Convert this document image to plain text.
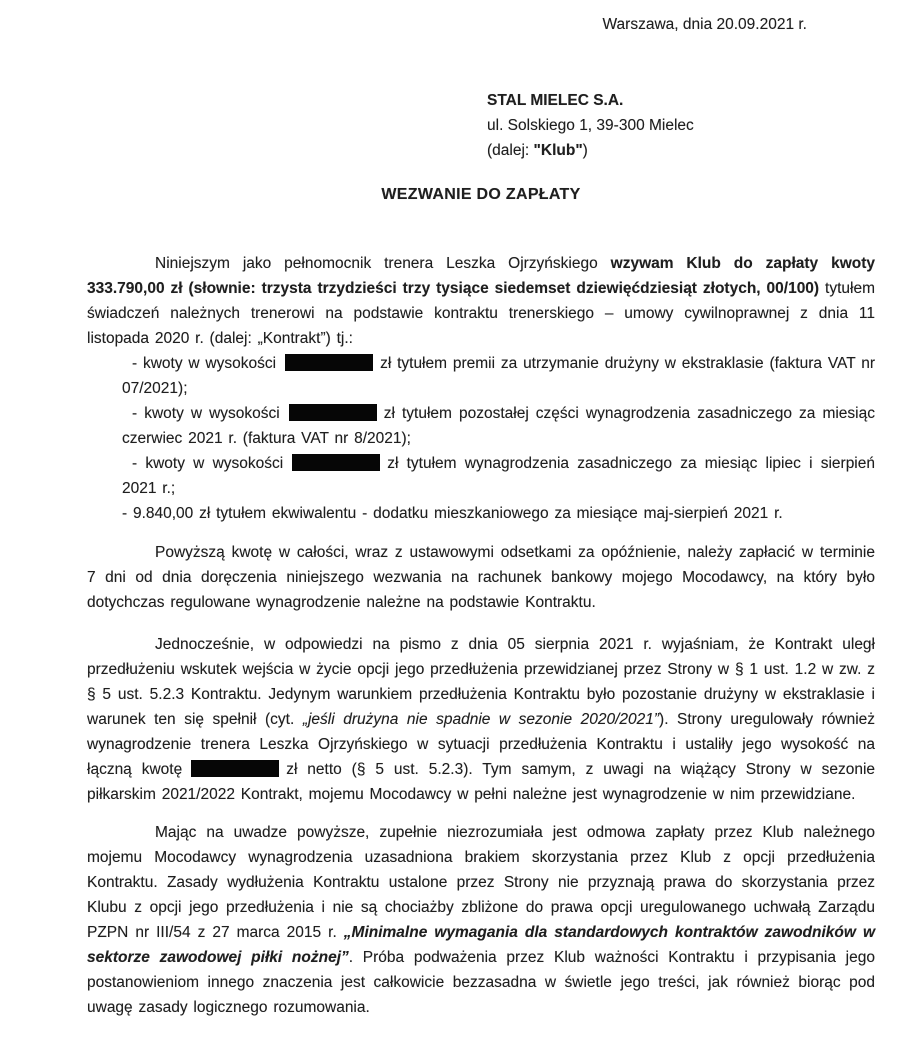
Warszawa, dnia 20.09.2021 r.
STAL MIELEC S.A.
ul. Solskiego 1, 39-300 Mielec
(dalej: "Klub")
WEZWANIE DO ZAPŁATY

Niniejszym jako pełnomocnik trenera Leszka Ojrzyńskiego wzywam Klub do zapłaty kwoty 333.790,00 zł (słownie: trzysta trzydzieści trzy tysiące siedemset dziewięćdziesiąt złotych, 00/100) tytułem świadczeń należnych trenerowi na podstawie kontraktu trenerskiego – umowy cywilnoprawnej z dnia 11 listopada 2020 r. (dalej: „Kontrakt”) tj.:

- kwoty w wysokości	zł tytułem premii za utrzymanie drużyny w ekstraklasie (faktura VAT nr 07/2021);

- kwoty w wysokości	zł tytułem pozostałej części wynagrodzenia zasadniczego za miesiąc czerwiec 2021 r. (faktura VAT nr 8/2021);

- kwoty w wysokości	zł tytułem wynagrodzenia zasadniczego za miesiąc lipiec i sierpień 2021 r.;

- 9.840,00 zł tytułem ekwiwalentu - dodatku mieszkaniowego za miesiące maj-sierpień 2021 r.

Powyższą kwotę w całości, wraz z ustawowymi odsetkami za opóźnienie, należy zapłacić w terminie 7 dni od dnia doręczenia niniejszego wezwania na rachunek bankowy mojego Mocodawcy, na który było dotychczas regulowane wynagrodzenie należne na podstawie Kontraktu.

Jednocześnie, w odpowiedzi na pismo z dnia 05 sierpnia 2021 r. wyjaśniam, że Kontrakt uległ przedłużeniu wskutek wejścia w życie opcji jego przedłużenia przewidzianej przez Strony w § 1 ust. 1.2 w zw. z § 5 ust. 5.2.3 Kontraktu. Jedynym warunkiem przedłużenia Kontraktu było pozostanie drużyny w ekstraklasie i warunek ten się spełnił (cyt. „jeśli drużyna nie spadnie w sezonie 2020/2021”). Strony uregulowały również wynagrodzenie trenera Leszka Ojrzyńskiego w sytuacji przedłużenia Kontraktu i ustaliły jego wysokość na łączną kwotę	zł netto (§ 5 ust. 5.2.3). Tym samym, z uwagi na wiążący Strony w sezonie piłkarskim 2021/2022 Kontrakt, mojemu Mocodawcy w pełni należne jest wynagrodzenie w nim przewidziane.

Mając na uwadze powyższe, zupełnie niezrozumiała jest odmowa zapłaty przez Klub należnego mojemu Mocodawcy wynagrodzenia uzasadniona brakiem skorzystania przez Klub z opcji przedłużenia Kontraktu. Zasady wydłużenia Kontraktu ustalone przez Strony nie przyznają prawa do skorzystania przez Klubu z opcji jego przedłużenia i nie są chociażby zbliżone do prawa opcji uregulowanego uchwałą Zarządu PZPN nr III/54 z 27 marca 2015 r. „Minimalne wymagania dla standardowych kontraktów zawodników w sektorze zawodowej piłki nożnej”. Próba podważenia przez Klub ważności Kontraktu i przypisania jego postanowieniom innego znaczenia jest całkowicie bezzasadna w świetle jego treści, jak również biorąc pod uwagę zasady logicznego rozumowania.
